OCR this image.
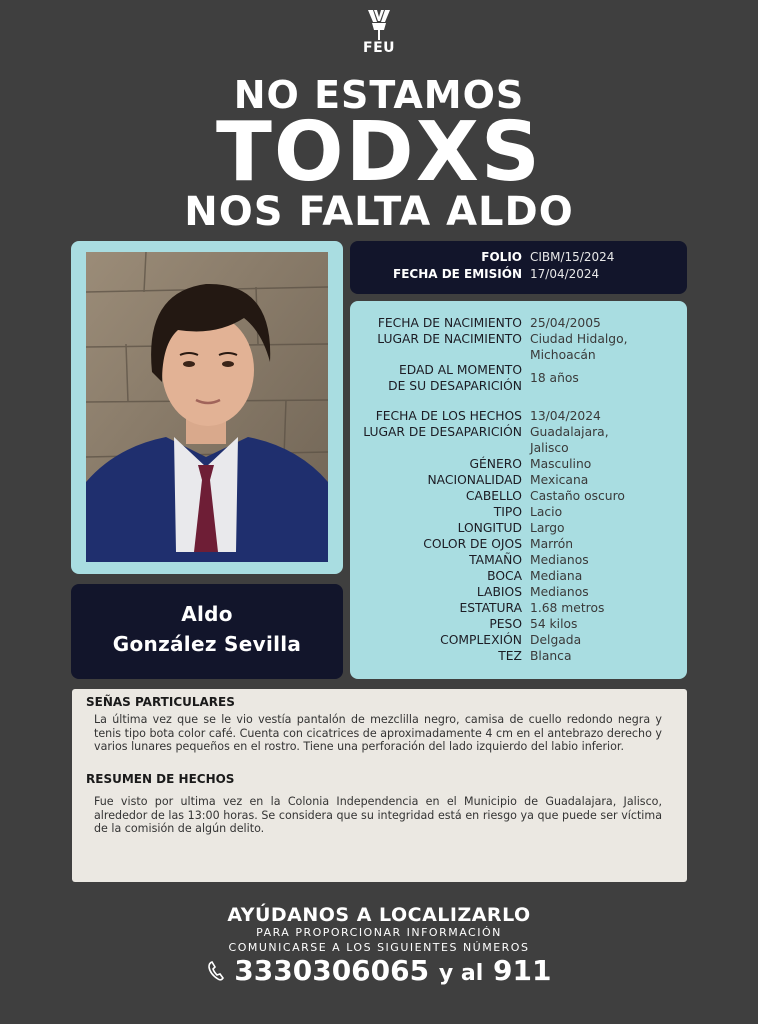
FEU
NO ESTAMOS
TODXS
NOS FALTA ALDO
Aldo
González Sevilla
FOLIO CIBM/15/2024
FECHA DE EMISIÓN 17/04/2024
FECHA DE NACIMIENTO 25/04/2005
LUGAR DE NACIMIENTO Ciudad Hidalgo,
Michoacán
EDAD AL MOMENTO
DE SU DESAPARICIÓN
18 años
FECHA DE LOS HECHOS 13/04/2024
LUGAR DE DESAPARICIÓN Guadalajara,
Jalisco
GÉNERO Masculino
NACIONALIDAD Mexicana
CABELLO Castaño oscuro
TIPO Lacio
LONGITUD Largo
COLOR DE OJOS Marrón
TAMAÑO Medianos
BOCA Mediana
LABIOS Medianos
ESTATURA 1.68 metros
PESO 54 kilos
COMPLEXIÓN Delgada
TEZ Blanca
SEÑAS PARTICULARES
La última vez que se le vio vestía pantalón de mezclilla negro, camisa de cuello redondo negra y tenis tipo bota color café. Cuenta con cicatrices de aproximadamente 4 cm en el antebrazo derecho y varios lunares pequeños en el rostro. Tiene una perforación del lado izquierdo del labio inferior.
RESUMEN DE HECHOS
Fue visto por ultima vez en la Colonia Independencia en el Municipio de Guadalajara, Jalisco, alrededor de las 13:00 horas. Se considera que su integridad está en riesgo ya que puede ser víctima de la comisión de algún delito.
AYÚDANOS A LOCALIZARLO
PARA PROPORCIONAR INFORMACIÓN
COMUNICARSE A LOS SIGUIENTES NÚMEROS
3330306065 y al 911
